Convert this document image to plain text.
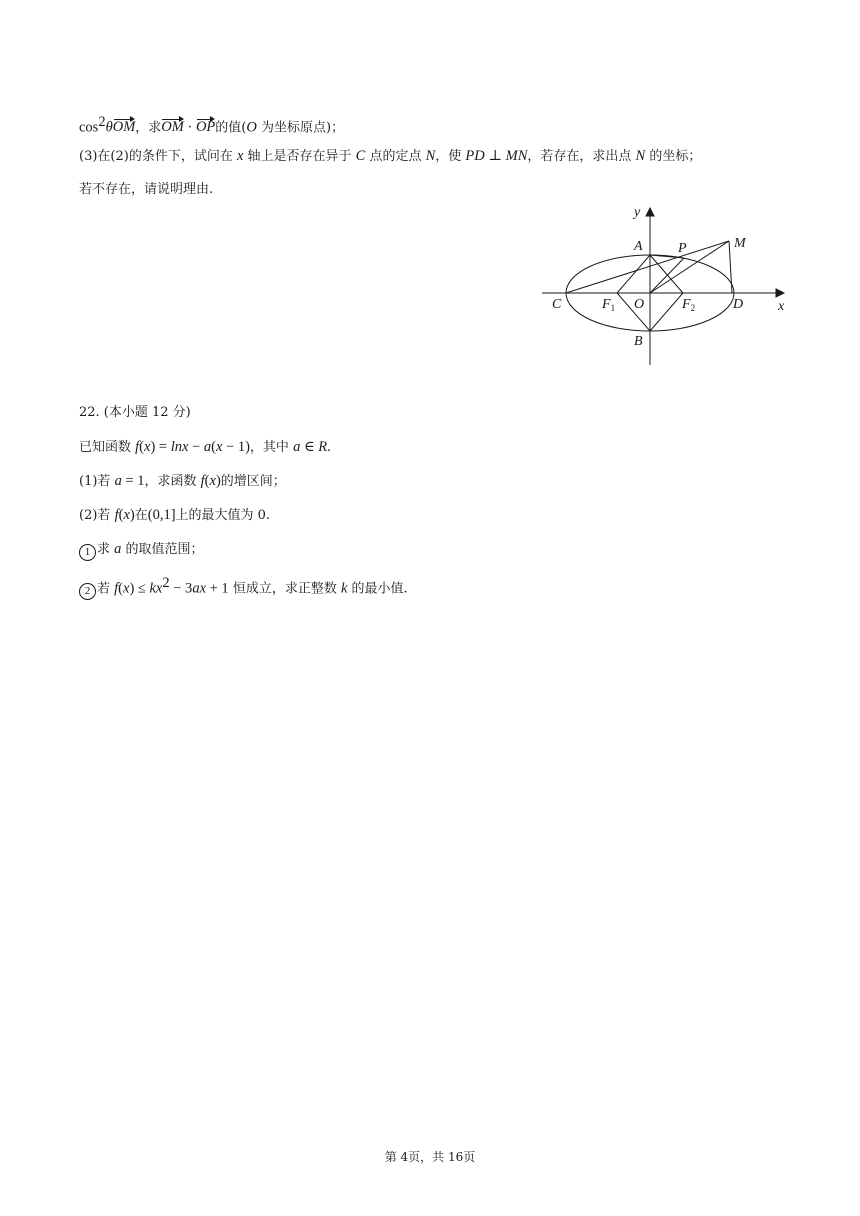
$\cos^2\theta OM$，求OM · OP的值(O 为坐标原点)；
(3)在(2)的条件下，试问在 x 轴上是否存在异于 C 点的定点 N，使 PD ⊥ MN，若存在，求出点 N 的坐标；
若不存在，请说明理由.
y
x
A	P	M
C	$F_1$ O	$F_2$	D
B
22. (本小题 12 分)
已知函数 f(x) = lnx − a(x − 1)，其中 a ∈ R.
(1)若 a = 1，求函数 f(x)的增区间；
(2)若 f(x)在(0,1]上的最大值为 0.
1 求 a 的取值范围；
2 若 $f(x) \le kx^2 - 3ax + 1$ 恒成立，求正整数 k 的最小值.
第 4页，共 16页
